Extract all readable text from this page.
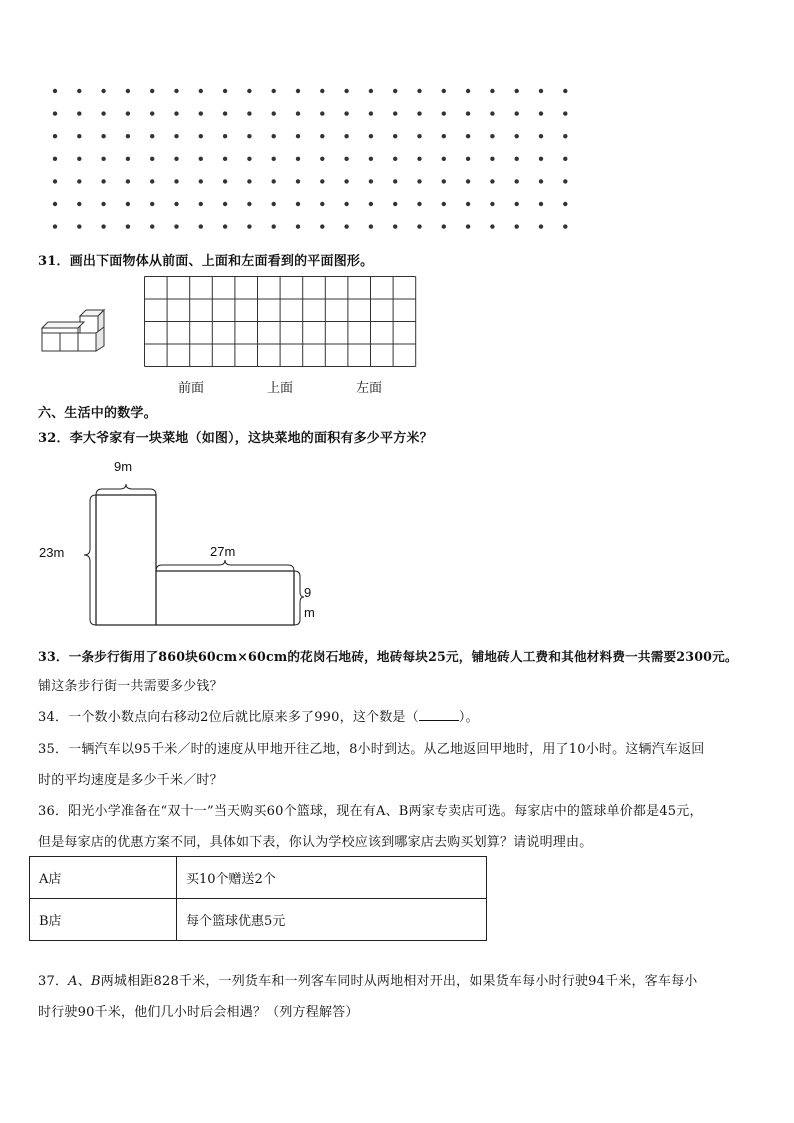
31．画出下面物体从前面、上面和左面看到的平面图形。
前面	上面	左面
六、生活中的数学。
32．李大爷家有一块菜地（如图），这块菜地的面积有多少平方米？
9m
23m	27m
9
m
33．一条步行街用了860块60cm×60cm的花岗石地砖，地砖每块25元，铺地砖人工费和其他材料费一共需要2300元。
铺这条步行街一共需要多少钱？
34．一个数小数点向右移动2位后就比原来多了990，这个数是（	）。
35．一辆汽车以95千米／时的速度从甲地开往乙地，8小时到达。从乙地返回甲地时，用了10小时。这辆汽车返回
时的平均速度是多少千米／时？
36．阳光小学准备在“双十一”当天购买60个篮球，现在有A、B两家专卖店可选。每家店中的篮球单价都是45元，
但是每家店的优惠方案不同，具体如下表，你认为学校应该到哪家店去购买划算？请说明理由。
A店	买10个赠送2个
B店	每个篮球优惠5元
37．A、B两城相距828千米，一列货车和一列客车同时从两地相对开出，如果货车每小时行驶94千米，客车每小
时行驶90千米，他们几小时后会相遇？（列方程解答）
